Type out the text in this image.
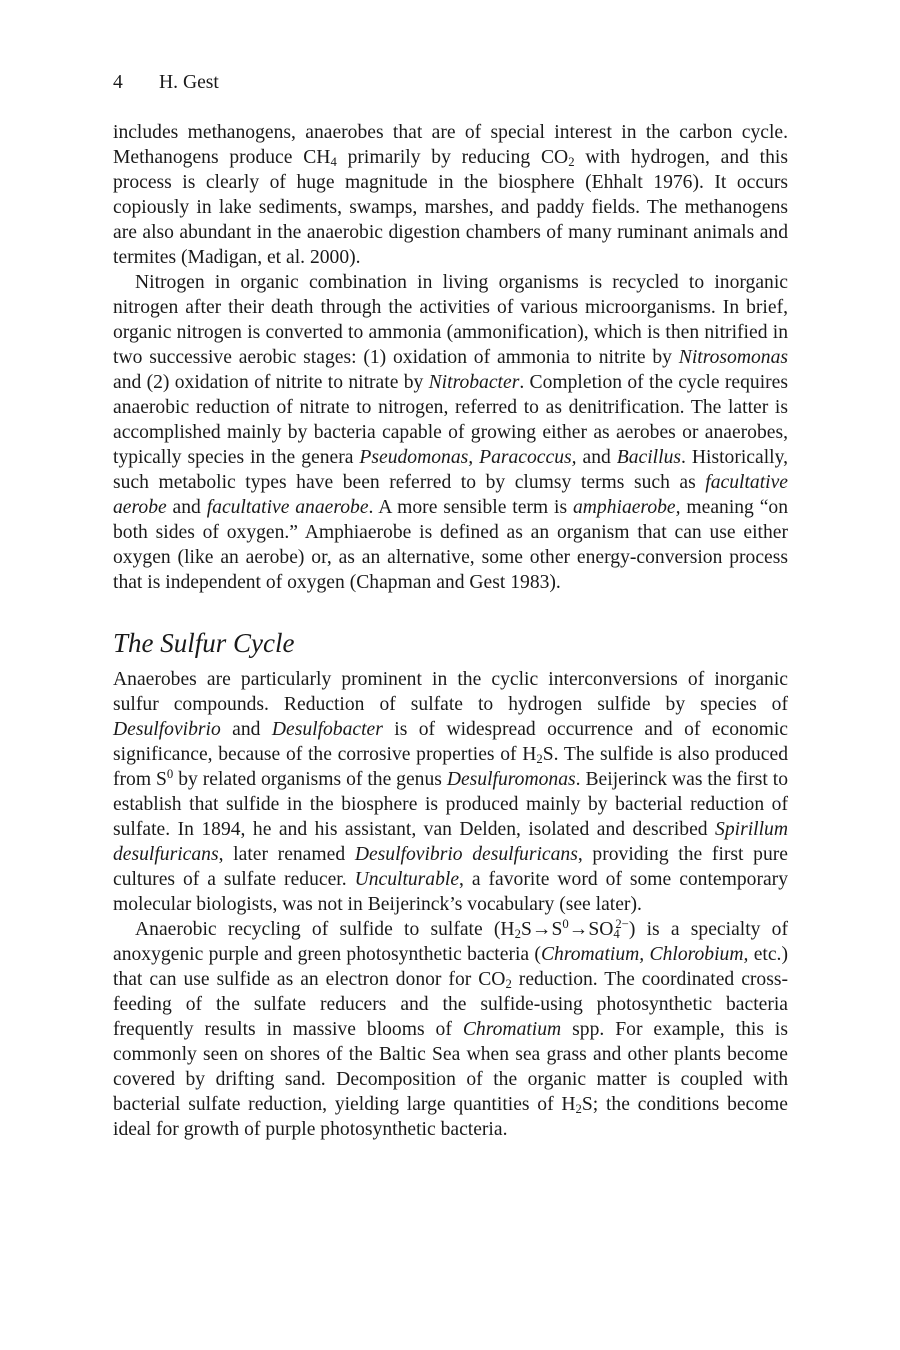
4 H. Gest

includes methanogens, anaerobes that are of special interest in the carbon cycle. Methanogens produce $CH_4$ primarily by reducing $CO_2$ with hydrogen, and this process is clearly of huge magnitude in the biosphere (Ehhalt 1976). It occurs copiously in lake sediments, swamps, marshes, and paddy fields. The methanogens are also abundant in the anaerobic digestion chambers of many ruminant animals and termites (Madigan, et al. 2000).

Nitrogen in organic combination in living organisms is recycled to inorganic nitrogen after their death through the activities of various microorganisms. In brief, organic nitrogen is converted to ammonia (ammonification), which is then nitrified in two successive aerobic stages: (1) oxidation of ammonia to nitrite by Nitrosomonas and (2) oxidation of nitrite to nitrate by Nitrobacter. Completion of the cycle requires anaerobic reduction of nitrate to nitrogen, referred to as denitrification. The latter is accomplished mainly by bacteria capable of growing either as aerobes or anaerobes, typically species in the genera Pseudomonas, Paracoccus, and Bacillus. Historically, such metabolic types have been referred to by clumsy terms such as facultative aerobe and facultative anaerobe. A more sensible term is amphiaerobe, meaning “on both sides of oxygen.” Amphiaerobe is defined as an organism that can use either oxygen (like an aerobe) or, as an alternative, some other energy-conversion process that is independent of oxygen (Chapman and Gest 1983).

The Sulfur Cycle

Anaerobes are particularly prominent in the cyclic interconversions of inorganic sulfur compounds. Reduction of sulfate to hydrogen sulfide by species of Desulfovibrio and Desulfobacter is of widespread occurrence and of economic significance, because of the corrosive properties of $H_2S$. The sulfide is also produced from $S^0$ by related organisms of the genus Desulfuromonas. Beijerinck was the first to establish that sulfide in the biosphere is produced mainly by bacterial reduction of sulfate. In 1894, he and his assistant, van Delden, isolated and described Spirillum desulfuricans, later renamed Desulfovibrio desulfuricans, providing the first pure cultures of a sulfate reducer. Unculturable, a favorite word of some contemporary molecular biologists, was not in Beijerinck’s vocabulary (see later).

Anaerobic recycling of sulfide to sulfate $(H_2S\to S^0\to SO_4^{2-})$ is a specialty of anoxygenic purple and green photosynthetic bacteria (Chromatium, Chlorobium, etc.) that can use sulfide as an electron donor for $CO_2$ reduction. The coordinated cross-feeding of the sulfate reducers and the sulfide-using photosynthetic bacteria frequently results in massive blooms of Chromatium spp. For example, this is commonly seen on shores of the Baltic Sea when sea grass and other plants become covered by drifting sand. Decomposition of the organic matter is coupled with bacterial sulfate reduction, yielding large quantities of $H_2S$; the conditions become ideal for growth of purple photosynthetic bacteria.
